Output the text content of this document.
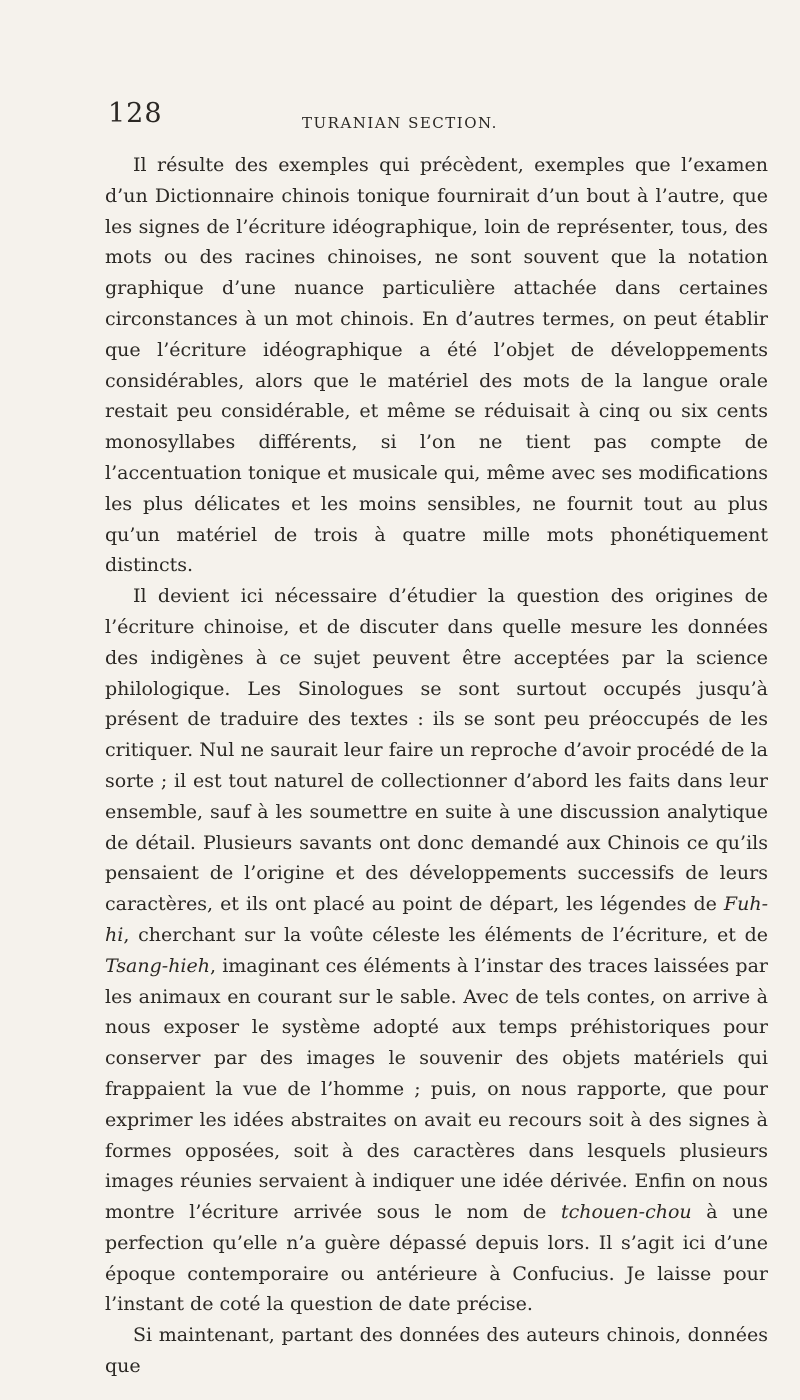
128	TURANIAN SECTION.

Il résulte des exemples qui précèdent, exemples que l’examen d’un Dictionnaire chinois tonique fournirait d’un bout à l’autre, que les signes de l’écriture idéographique, loin de représenter, tous, des mots ou des racines chinoises, ne sont souvent que la notation graphique d’une nuance particulière attachée dans certaines circonstances à un mot chinois. En d’autres termes, on peut établir que l’écriture idéographique a été l’objet de développements considérables, alors que le matériel des mots de la langue orale restait peu considérable, et même se réduisait à cinq ou six cents monosyllabes différents, si l’on ne tient pas compte de l’accentuation tonique et musicale qui, même avec ses modifications les plus délicates et les moins sensibles, ne fournit tout au plus qu’un matériel de trois à quatre mille mots phonétiquement distincts.

Il devient ici nécessaire d’étudier la question des origines de l’écriture chinoise, et de discuter dans quelle mesure les données des indigènes à ce sujet peuvent être acceptées par la science philologique. Les Sinologues se sont surtout occupés jusqu’à présent de traduire des textes : ils se sont peu préoccupés de les critiquer. Nul ne saurait leur faire un reproche d’avoir procédé de la sorte ; il est tout naturel de collectionner d’abord les faits dans leur ensemble, sauf à les soumettre en suite à une discussion analytique de détail. Plusieurs savants ont donc demandé aux Chinois ce qu’ils pensaient de l’origine et des développements successifs de leurs caractères, et ils ont placé au point de départ, les légendes de Fuh-hi, cherchant sur la voûte céleste les éléments de l’écriture, et de Tsang-hieh, imaginant ces éléments à l’instar des traces laissées par les animaux en courant sur le sable. Avec de tels contes, on arrive à nous exposer le système adopté aux temps préhistoriques pour conserver par des images le souvenir des objets matériels qui frappaient la vue de l’homme ; puis, on nous rapporte, que pour exprimer les idées abstraites on avait eu recours soit à des signes à formes opposées, soit à des caractères dans lesquels plusieurs images réunies servaient à indiquer une idée dérivée. Enfin on nous montre l’écriture arrivée sous le nom de tchouen-chou à une perfection qu’elle n’a guère dépassé depuis lors. Il s’agit ici d’une époque contemporaire ou antérieure à Confucius. Je laisse pour l’instant de coté la question de date précise.

Si maintenant, partant des données des auteurs chinois, données que
